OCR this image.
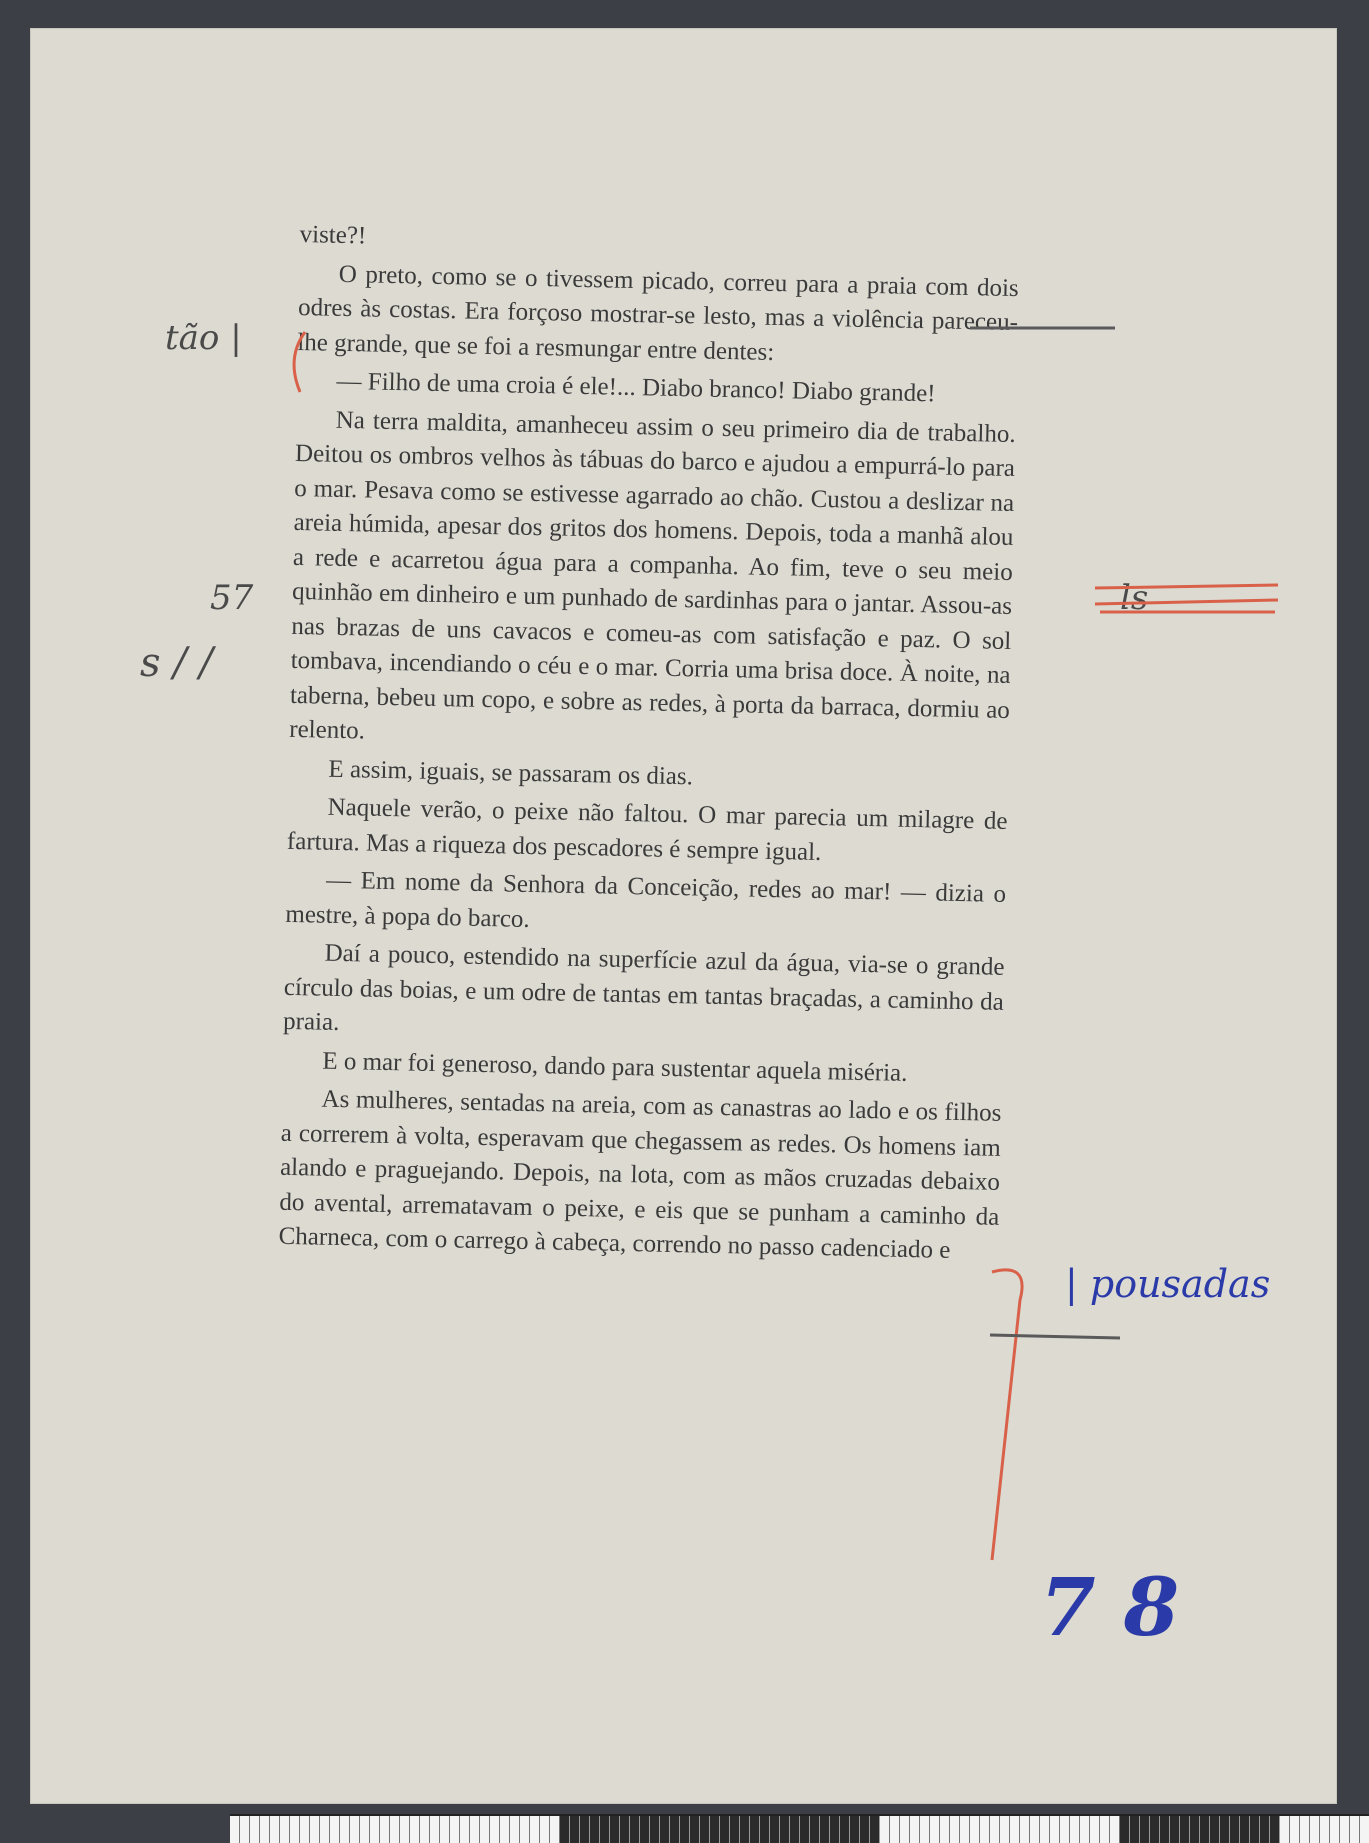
viste?!

O preto, como se o tivessem picado, correu para a praia com dois odres às costas. Era forçoso mostrar-se lesto, mas a violência pareceu-lhe grande, que se foi a resmungar entre dentes:

— Filho de uma croia é ele!... Diabo branco! Diabo grande!

Na terra maldita, amanheceu assim o seu primeiro dia de trabalho. Deitou os ombros velhos às tábuas do barco e ajudou a empurrá-lo para o mar. Pesava como se estivesse agarrado ao chão. Custou a deslizar na areia húmida, apesar dos gritos dos homens. Depois, toda a manhã alou a rede e acarretou água para a companha. Ao fim, teve o seu meio quinhão em dinheiro e um punhado de sardinhas para o jantar. Assou-as nas brazas de uns cavacos e comeu-as com satisfação e paz. O sol tombava, incendiando o céu e o mar. Corria uma brisa doce. À noite, na taberna, bebeu um copo, e sobre as redes, à porta da barraca, dormiu ao relento.

E assim, iguais, se passaram os dias.

Naquele verão, o peixe não faltou. O mar parecia um milagre de fartura. Mas a riqueza dos pescadores é sempre igual.

— Em nome da Senhora da Conceição, redes ao mar! — dizia o mestre, à popa do barco.

Daí a pouco, estendido na superfície azul da água, via-se o grande círculo das boias, e um odre de tantas em tantas braçadas, a caminho da praia.

E o mar foi generoso, dando para sustentar aquela miséria.

As mulheres, sentadas na areia, com as canastras ao lado e os filhos a correrem à volta, esperavam que chegassem as redes. Os homens iam alando e praguejando. Depois, na lota, com as mãos cruzadas debaixo do avental, arrematavam o peixe, e eis que se punham a caminho da Charneca, com o carrego à cabeça, correndo no passo cadenciado e

tão |
57
s / /
ls
| pousadas
7 8
